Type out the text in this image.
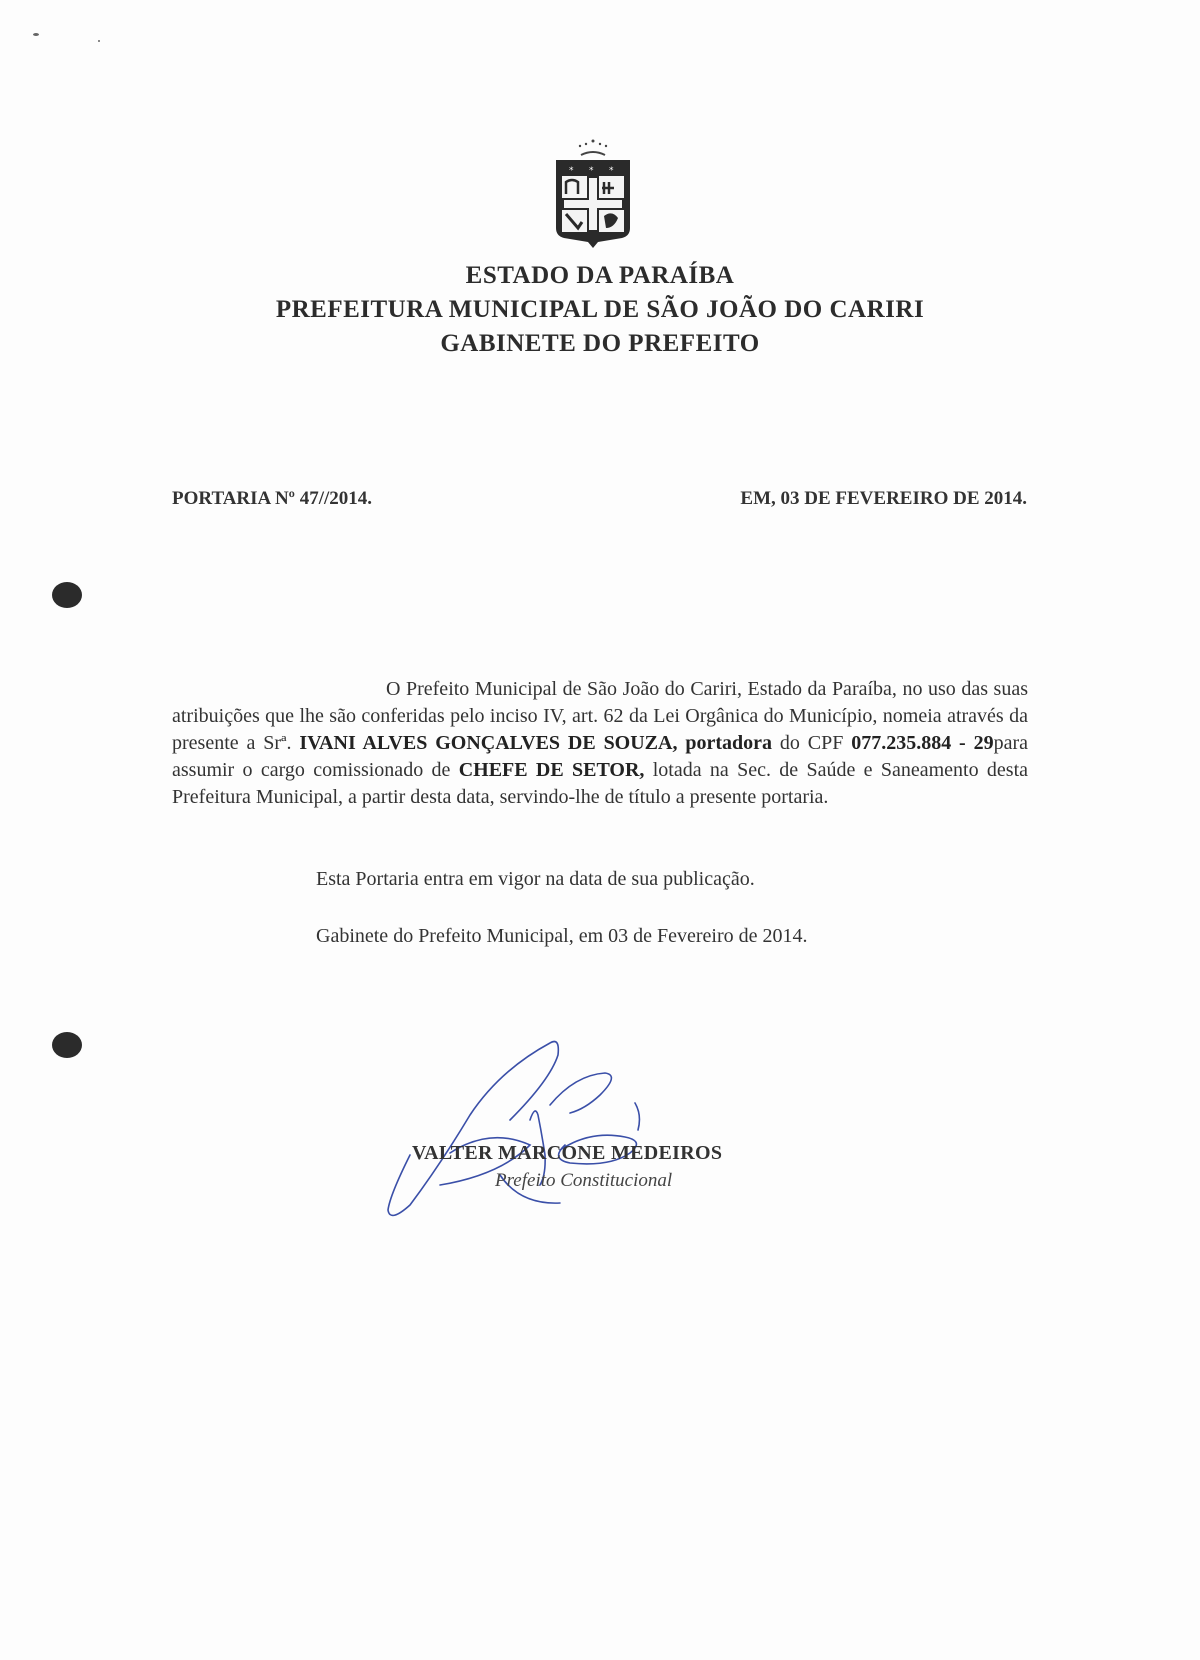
* * *
ESTADO DA PARAÍBA
PREFEITURA MUNICIPAL DE SÃO JOÃO DO CARIRI
GABINETE DO PREFEITO
PORTARIA Nº 47//2014.	EM, 03 DE FEVEREIRO DE 2014.
O Prefeito Municipal de São João do Cariri, Estado da Paraíba, no uso das suas atribuições que lhe são conferidas pelo inciso IV, art. 62 da Lei Orgânica do Município, nomeia através da presente a Srª. IVANI ALVES GONÇALVES DE SOUZA, portadora do CPF 077.235.884 - 29para assumir o cargo comissionado de CHEFE DE SETOR, lotada na Sec. de Saúde e Saneamento desta Prefeitura Municipal, a partir desta data, servindo-lhe de título a presente portaria.
Esta Portaria entra em vigor na data de sua publicação.
Gabinete do Prefeito Municipal, em 03 de Fevereiro de 2014.
VALTER MARCONE MEDEIROS
Prefeito Constitucional
